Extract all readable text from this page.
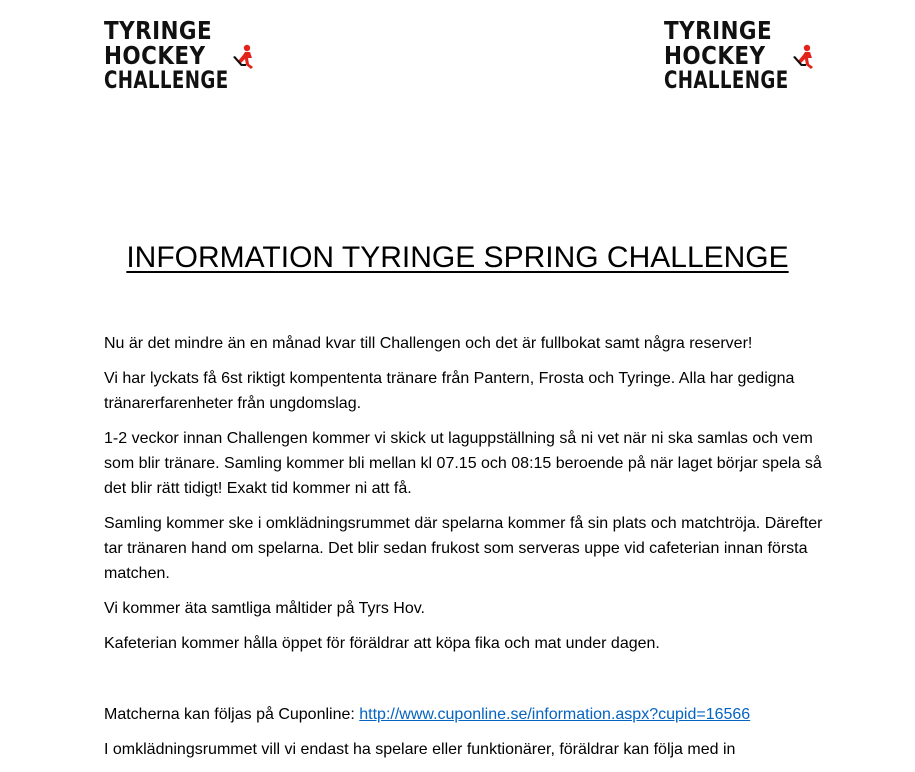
TYRINGE
HOCKEY
CHALLENGE
TYRINGE
HOCKEY
CHALLENGE
INFORMATION TYRINGE SPRING CHALLENGE

Nu är det mindre än en månad kvar till Challengen och det är fullbokat samt några reserver!

Vi har lyckats få 6st riktigt kompententa tränare från Pantern, Frosta och Tyringe. Alla har gedigna tränarerfarenheter från ungdomslag.

1-2 veckor innan Challengen kommer vi skick ut laguppställning så ni vet när ni ska samlas och vem som blir tränare. Samling kommer bli mellan kl 07.15 och 08:15 beroende på när laget börjar spela så det blir rätt tidigt! Exakt tid kommer ni att få.

Samling kommer ske i omklädningsrummet där spelarna kommer få sin plats och matchtröja. Därefter tar tränaren hand om spelarna. Det blir sedan frukost som serveras uppe vid cafeterian innan första matchen.

Vi kommer äta samtliga måltider på Tyrs Hov.

Kafeterian kommer hålla öppet för föräldrar att köpa fika och mat under dagen.

Matcherna kan följas på Cuponline: http://www.cuponline.se/information.aspx?cupid=16566

I omklädningsrummet vill vi endast ha spelare eller funktionärer, föräldrar kan följa med in
